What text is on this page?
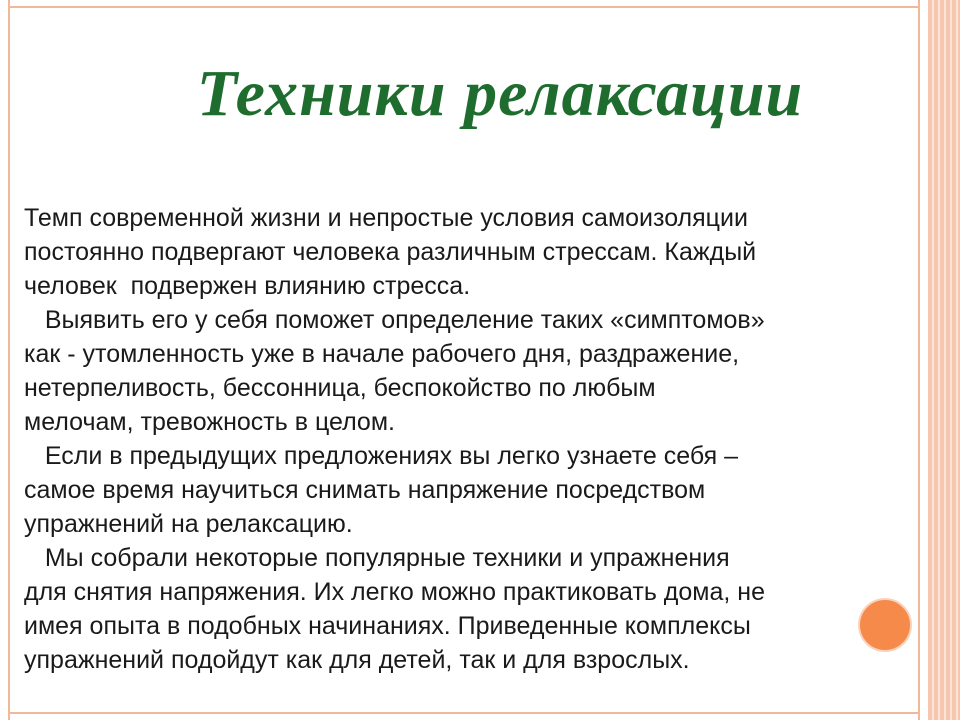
Техники релаксации
Темп современной жизни и непростые условия самоизоляции
постоянно подвергают человека различным стрессам. Каждый
человек  подвержен влиянию стресса.
Выявить его у себя поможет определение таких «симптомов»
как - утомленность уже в начале рабочего дня, раздражение,
нетерпеливость, бессонница, беспокойство по любым
мелочам, тревожность в целом.
Если в предыдущих предложениях вы легко узнаете себя –
самое время научиться снимать напряжение посредством
упражнений на релаксацию.
Мы собрали некоторые популярные техники и упражнения
для снятия напряжения. Их легко можно практиковать дома, не
имея опыта в подобных начинаниях. Приведенные комплексы
упражнений подойдут как для детей, так и для взрослых.
